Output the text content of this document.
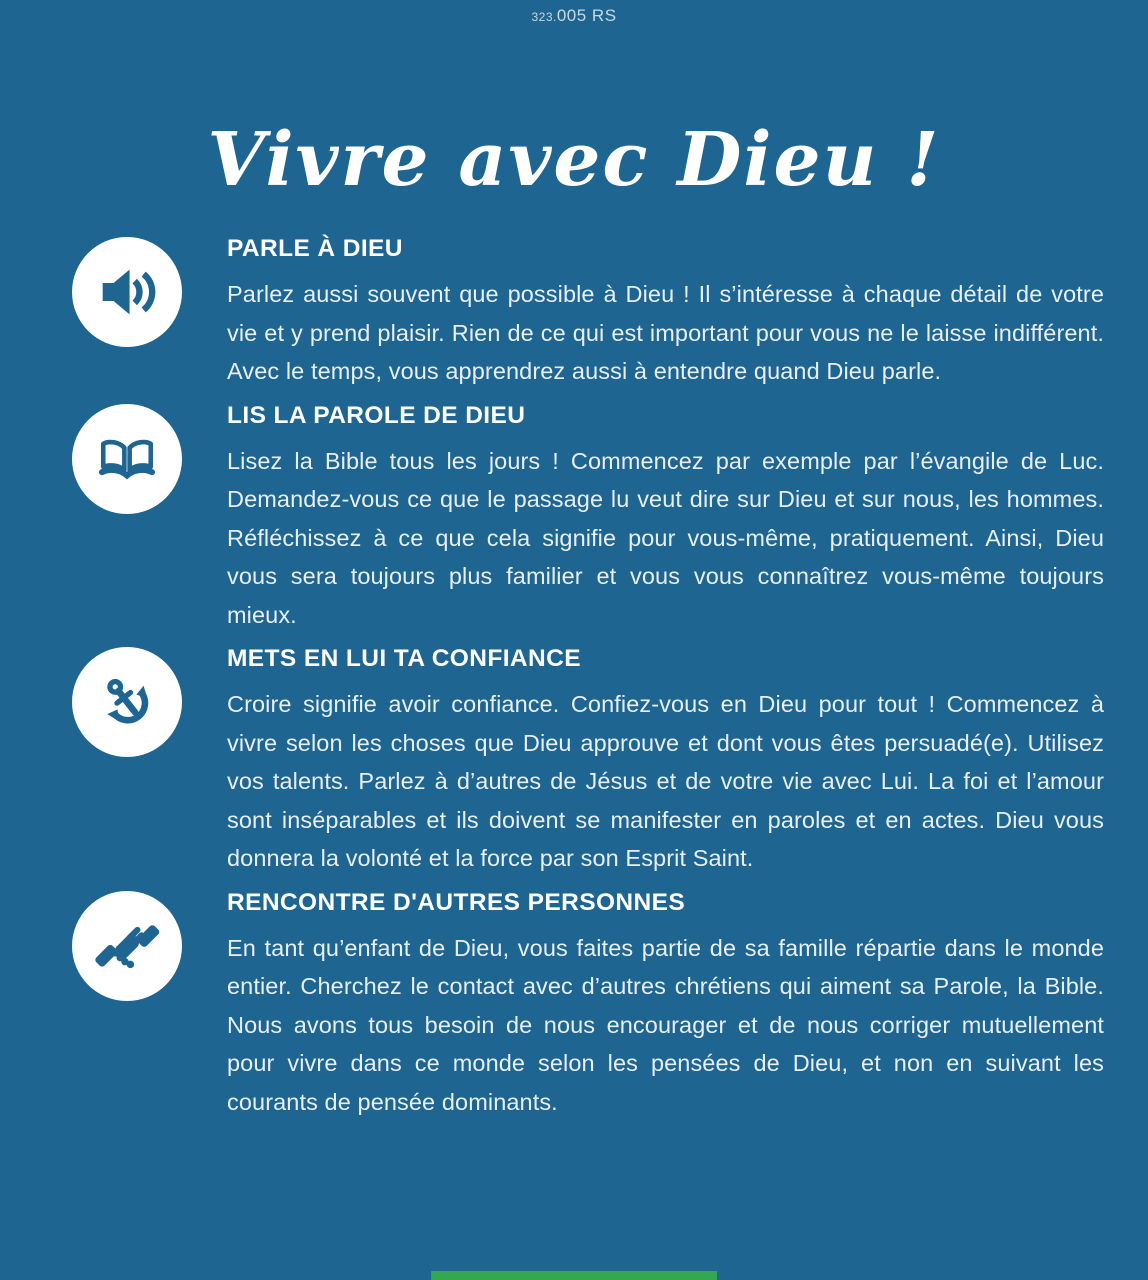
323.005 RS
Vivre avec Dieu !
PARLE À DIEU

Parlez aussi souvent que possible à Dieu ! Il s’intéresse à chaque détail de votre vie et y prend plaisir. Rien de ce qui est important pour vous ne le laisse indifférent. Avec le temps, vous apprendrez aussi à entendre quand Dieu parle.

LIS LA PAROLE DE DIEU

Lisez la Bible tous les jours ! Commencez par exemple par l’évangile de Luc. Demandez-vous ce que le passage lu veut dire sur Dieu et sur nous, les hommes. Réfléchissez à ce que cela signifie pour vous-même, pratiquement. Ainsi, Dieu vous sera toujours plus familier et vous vous connaîtrez vous-même toujours mieux.

METS EN LUI TA CONFIANCE

Croire signifie avoir confiance. Confiez-vous en Dieu pour tout ! Commencez à vivre selon les choses que Dieu approuve et dont vous êtes persuadé(e). Utilisez vos talents. Parlez à d’autres de Jésus et de votre vie avec Lui. La foi et l’amour sont inséparables et ils doivent se manifester en paroles et en actes. Dieu vous donnera la volonté et la force par son Esprit Saint.

RENCONTRE D'AUTRES PERSONNES

En tant qu’enfant de Dieu, vous faites partie de sa famille répartie dans le monde entier. Cherchez le contact avec d’autres chrétiens qui aiment sa Parole, la Bible. Nous avons tous besoin de nous encourager et de nous corriger mutuellement pour vivre dans ce monde selon les pensées de Dieu, et non en suivant les courants de pensée dominants.
